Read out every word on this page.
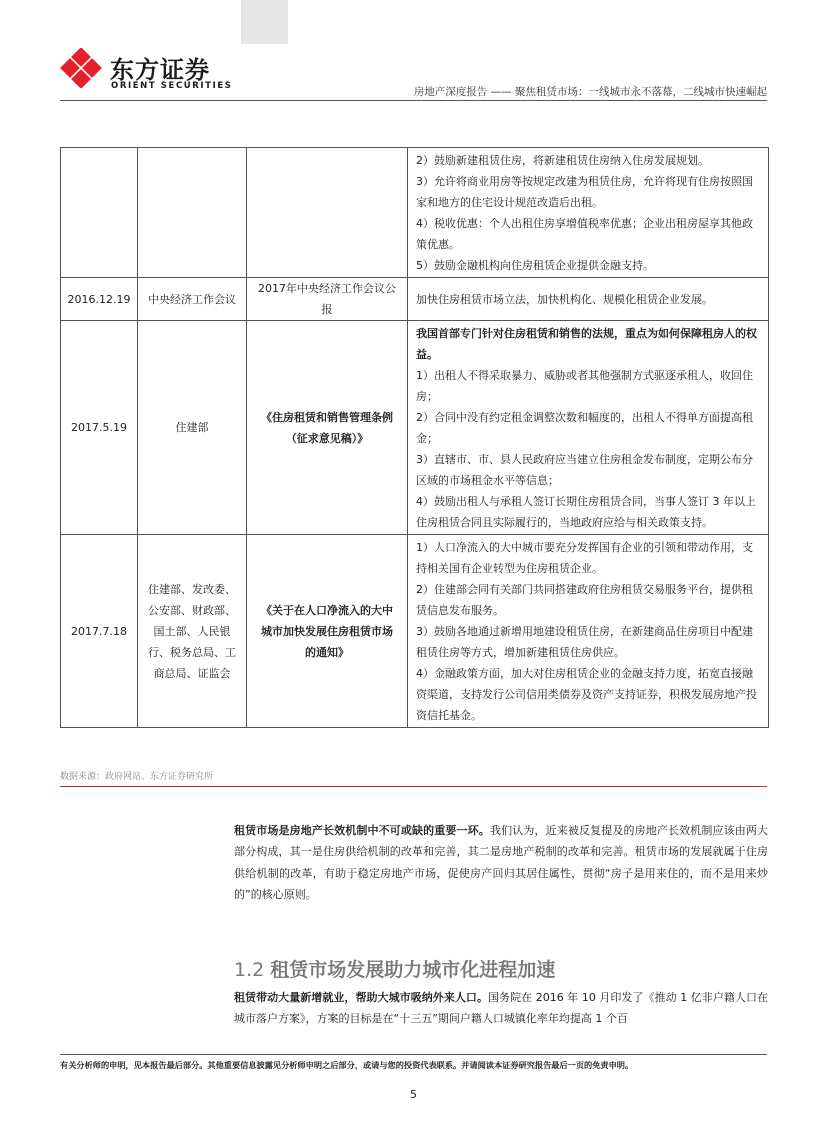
东方证券
ORIENT SECURITIES	房地产深度报告 —— 聚焦租赁市场：一线城市永不落幕，二线城市快速崛起

			2）鼓励新建租赁住房，将新建租赁住房纳入住房发展规划。

3）允许将商业用房等按规定改建为租赁住房，允许将现有住房按照国家和地方的住宅设计规范改造后出租。

4）税收优惠：个人出租住房享增值税率优惠；企业出租房屋享其他政策优惠。

5）鼓励金融机构向住房租赁企业提供金融支持。

2016.12.19	中央经济工作会议	2017年中央经济工作会议公报	加快住房租赁市场立法，加快机构化、规模化租赁企业发展。

2017.5.19	住建部	《住房租赁和销售管理条例（征求意见稿）》	我国首部专门针对住房租赁和销售的法规，重点为如何保障租房人的权益。

1）出租人不得采取暴力、威胁或者其他强制方式驱逐承租人，收回住房；

2）合同中没有约定租金调整次数和幅度的，出租人不得单方面提高租金；

3）直辖市、市、县人民政府应当建立住房租金发布制度，定期公布分区域的市场租金水平等信息；

4）鼓励出租人与承租人签订长期住房租赁合同，当事人签订 3 年以上住房租赁合同且实际履行的，当地政府应给与相关政策支持。

2017.7.18	住建部、发改委、公安部、财政部、国土部、人民银行、税务总局、工商总局、证监会	《关于在人口净流入的大中城市加快发展住房租赁市场的通知》	1）人口净流入的大中城市要充分发挥国有企业的引领和带动作用，支持相关国有企业转型为住房租赁企业。

2）住建部会同有关部门共同搭建政府住房租赁交易服务平台，提供租赁信息发布服务。

3）鼓励各地通过新增用地建设租赁住房，在新建商品住房项目中配建租赁住房等方式，增加新建租赁住房供应。

4）金融政策方面，加大对住房租赁企业的金融支持力度，拓宽直接融资渠道，支持发行公司信用类债券及资产支持证券，积极发展房地产投资信托基金。

数据来源：政府网站、东方证券研究所

租赁市场是房地产长效机制中不可或缺的重要一环。我们认为，近来被反复提及的房地产长效机制应该由两大部分构成，其一是住房供给机制的改革和完善，其二是房地产税制的改革和完善。租赁市场的发展就属于住房供给机制的改革，有助于稳定房地产市场，促使房产回归其居住属性，贯彻“房子是用来住的，而不是用来炒的”的核心原则。

1.2 租赁市场发展助力城市化进程加速

租赁带动大量新增就业，帮助大城市吸纳外来人口。国务院在 2016 年 10 月印发了《推动 1 亿非户籍人口在城市落户方案》，方案的目标是在“十三五”期间户籍人口城镇化率年均提高 1 个百

有关分析师的申明，见本报告最后部分。其他重要信息披露见分析师申明之后部分，或请与您的投资代表联系。并请阅读本证券研究报告最后一页的免责申明。
5
